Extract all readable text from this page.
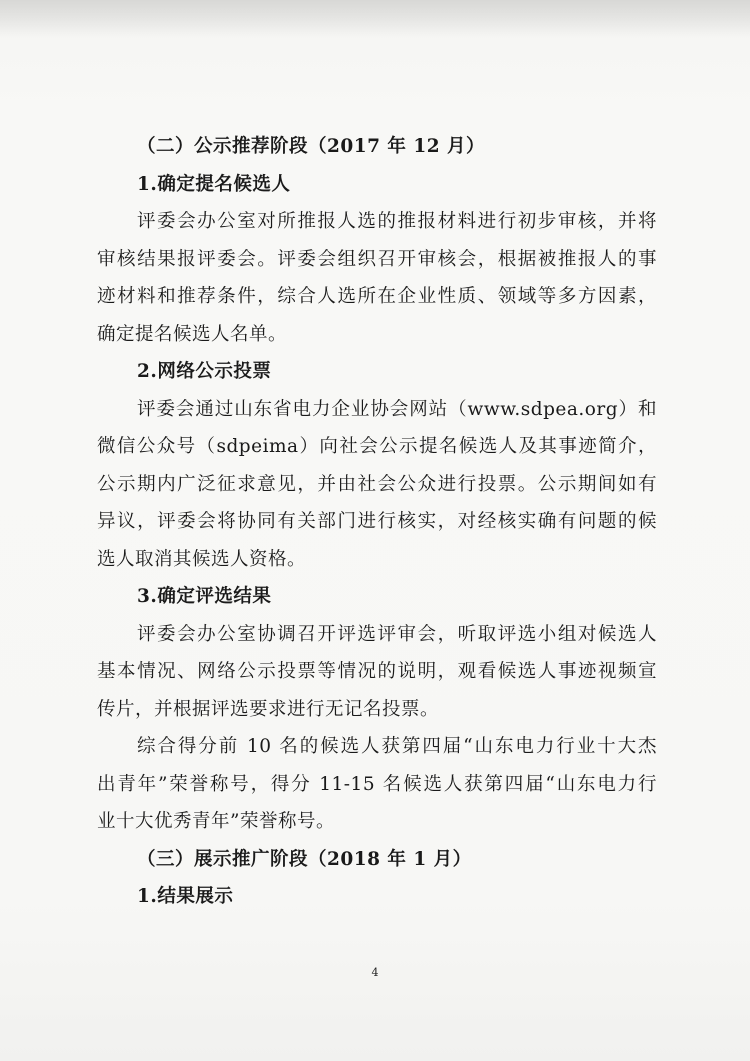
（二）公示推荐阶段（2017 年 12 月）
1.确定提名候选人
评委会办公室对所推报人选的推报材料进行初步审核，并将
审核结果报评委会。评委会组织召开审核会，根据被推报人的事
迹材料和推荐条件，综合人选所在企业性质、领域等多方因素，
确定提名候选人名单。
2.网络公示投票
评委会通过山东省电力企业协会网站（www.sdpea.org）和
微信公众号（sdpeima）向社会公示提名候选人及其事迹简介，
公示期内广泛征求意见，并由社会公众进行投票。公示期间如有
异议，评委会将协同有关部门进行核实，对经核实确有问题的候
选人取消其候选人资格。
3.确定评选结果
评委会办公室协调召开评选评审会，听取评选小组对候选人
基本情况、网络公示投票等情况的说明，观看候选人事迹视频宣
传片，并根据评选要求进行无记名投票。
综合得分前 10 名的候选人获第四届“山东电力行业十大杰
出青年”荣誉称号，得分 11-15 名候选人获第四届“山东电力行
业十大优秀青年”荣誉称号。
（三）展示推广阶段（2018 年 1 月）
1.结果展示
4
